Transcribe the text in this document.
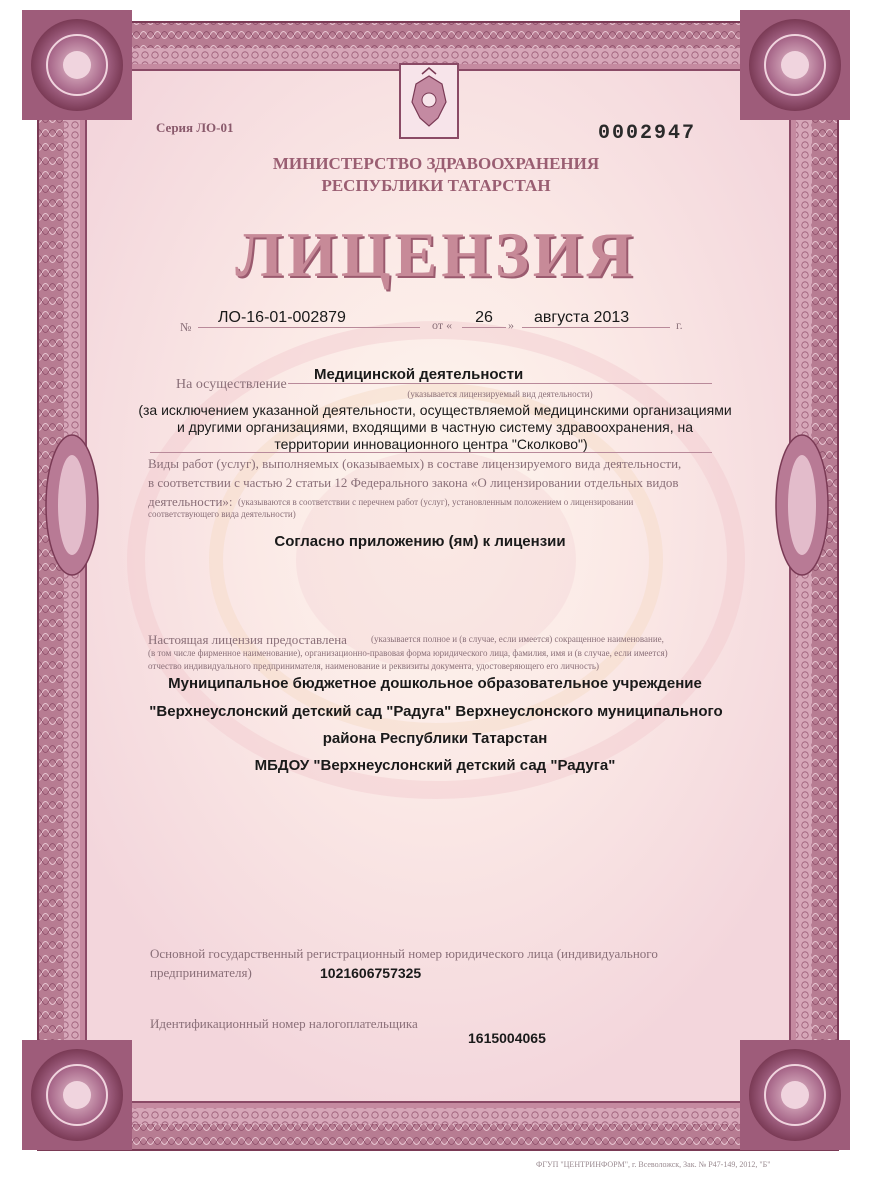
Серия ЛО-01	0002947
МИНИСТЕРСТВО ЗДРАВООХРАНЕНИЯ
РЕСПУБЛИКИ ТАТАРСТАН
ЛИЦЕНЗИЯ
№
ЛО-16-01-002879	от «	26	»	августа 2013	г.
На осуществление
Медицинской деятельности
(указывается лицензируемый вид деятельности)
(за исключением указанной деятельности, осуществляемой медицинскими организациями
и другими организациями, входящими в частную систему здравоохранения, на
территории инновационного центра "Сколково")
Виды работ (услуг), выполняемых (оказываемых) в составе лицензируемого вида деятельности,
в соответствии с частью 2 статьи 12 Федерального закона «О лицензировании отдельных видов
деятельности»: (указываются в соответствии с перечнем работ (услуг), установленным положением о лицензировании
соответствующего вида деятельности)
Согласно приложению (ям) к лицензии
Настоящая лицензия предоставлена	(указывается полное и (в случае, если имеется) сокращенное наименование,
(в том числе фирменное наименование), организационно-правовая форма юридического лица, фамилия, имя и (в случае, если имеется)
отчество индивидуального предпринимателя, наименование и реквизиты документа, удостоверяющего его личность)
Муниципальное бюджетное дошкольное образовательное учреждение
"Верхнеуслонский детский сад "Радуга" Верхнеуслонского муниципального
района Республики Татарстан
МБДОУ "Верхнеуслонский детский сад "Радуга"
Основной государственный регистрационный номер юридического лица (индивидуального
предпринимателя)	1021606757325
Идентификационный номер налогоплательщика
1615004065
ФГУП "ЦЕНТРИНФОРМ", г. Всеволожск, Зак. № Р47-149, 2012, "Б"
